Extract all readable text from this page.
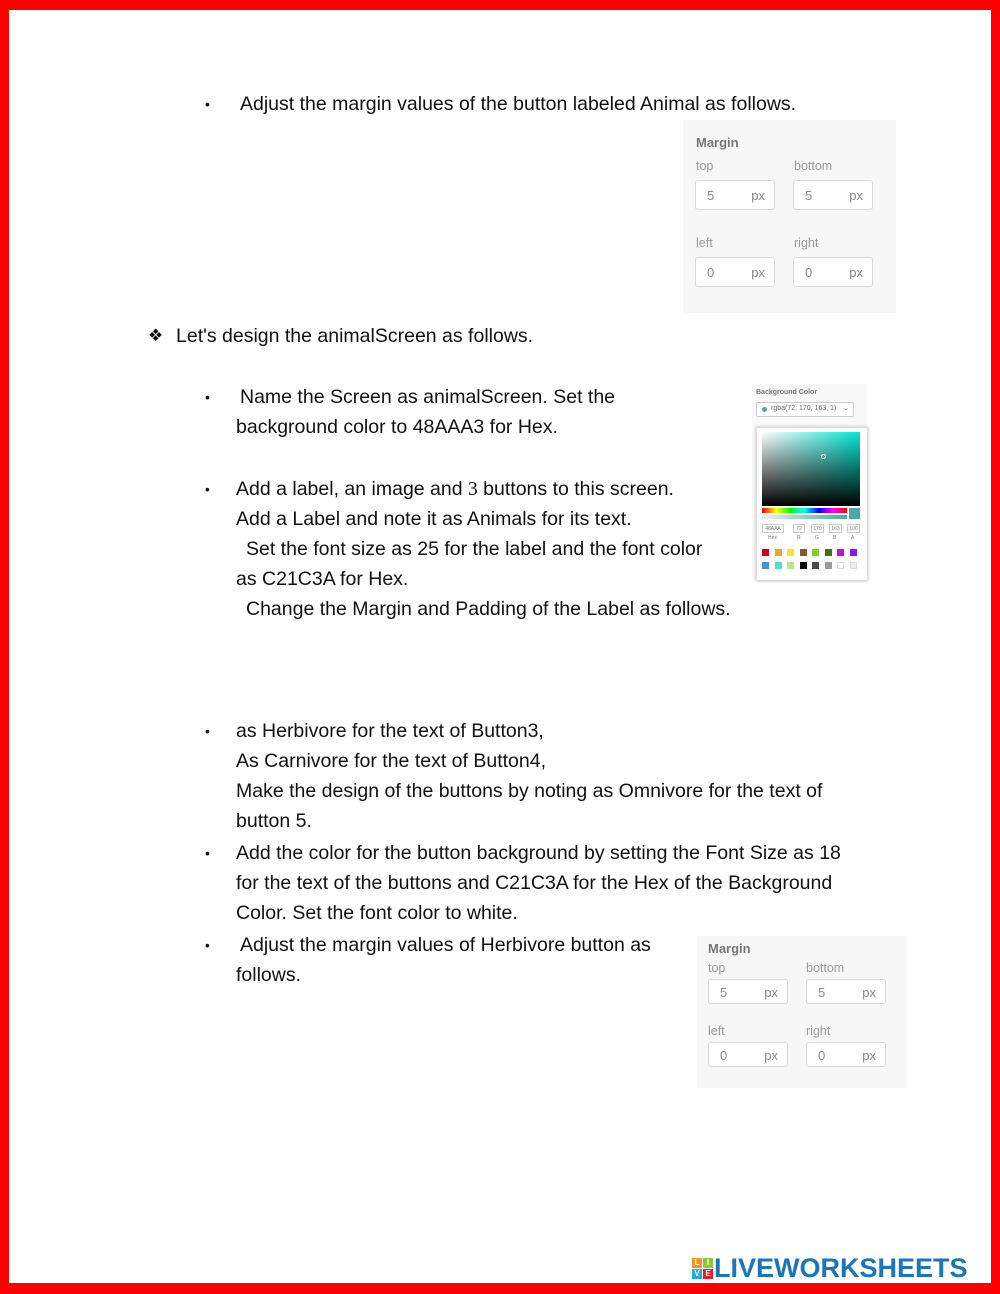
• Adjust the margin values of the button labeled Animal as follows.
Margin
top	bottom
5	px	5	px
left	right
0	px	0	px
❖ Let's design the animalScreen as follows.
• Name the Screen as animalScreen. Set the
background color to 48AAA3 for Hex.
• Add a label, an image and 3 buttons to this screen.
Add a Label and note it as Animals for its text.
Set the font size as 25 for the label and the font color
as C21C3A for Hex.
Change the Margin and Padding of the Label as follows.
Background Color
rgba(72, 170, 163, 1) ⌄
48AAA	72	170	163	100
Hex	R	G	B	A
• as Herbivore for the text of Button3,
As Carnivore for the text of Button4,
Make the design of the buttons by noting as Omnivore for the text of
button 5.
• Add the color for the button background by setting the Font Size as 18
for the text of the buttons and C21C3A for the Hex of the Background
Color. Set the font color to white.
• Adjust the margin values of Herbivore button as
follows.
Margin
top	bottom
5	px	5	px
left	right
0	px	0	px
L I
V E LIVEWORKSHEETS
